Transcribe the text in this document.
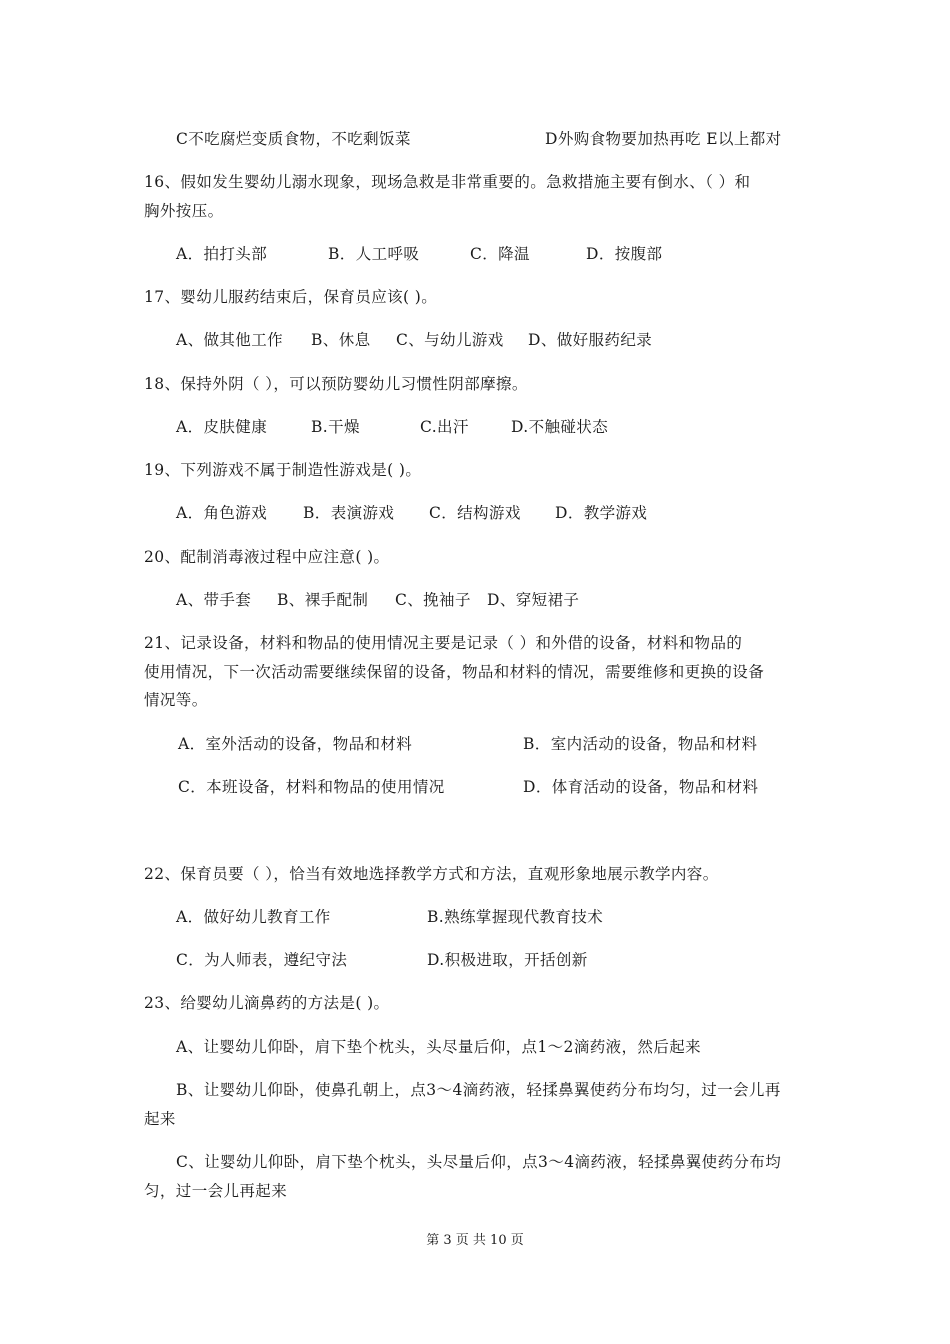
C不吃腐烂变质食物，不吃剩饭菜	D外购食物要加热再吃 E以上都对
16、假如发生婴幼儿溺水现象，现场急救是非常重要的。急救措施主要有倒水、（ ）和
胸外按压。
A．拍打头部	B．人工呼吸	C．降温	D．按腹部
17、婴幼儿服药结束后，保育员应该( )。
A、做其他工作 B、休息 C、与幼儿游戏 D、做好服药纪录
18、保持外阴（ ），可以预防婴幼儿习惯性阴部摩擦。
A．皮肤健康	B.干燥	C.出汗	D.不触碰状态
19、下列游戏不属于制造性游戏是( )。
A．角色游戏 B．表演游戏 C．结构游戏 D．教学游戏
20、配制消毒液过程中应注意( )。
A、带手套 B、裸手配制 C、挽袖子 D、穿短裙子
21、记录设备，材料和物品的使用情况主要是记录（ ）和外借的设备，材料和物品的
使用情况，下一次活动需要继续保留的设备，物品和材料的情况，需要维修和更换的设备
情况等。
A．室外活动的设备，物品和材料	B．室内活动的设备，物品和材料
C．本班设备，材料和物品的使用情况	D．体育活动的设备，物品和材料
22、保育员要（ ），恰当有效地选择教学方式和方法，直观形象地展示教学内容。
A．做好幼儿教育工作	B.熟练掌握现代教育技术
C．为人师表，遵纪守法	D.积极进取，开括创新
23、给婴幼儿滴鼻药的方法是( )。
A、让婴幼儿仰卧，肩下垫个枕头，头尽量后仰，点1～2滴药液，然后起来
B、让婴幼儿仰卧，使鼻孔朝上，点3～4滴药液，轻揉鼻翼使药分布均匀，过一会儿再
起来
C、让婴幼儿仰卧，肩下垫个枕头，头尽量后仰，点3～4滴药液，轻揉鼻翼使药分布均
匀，过一会儿再起来
第 3 页 共 10 页
